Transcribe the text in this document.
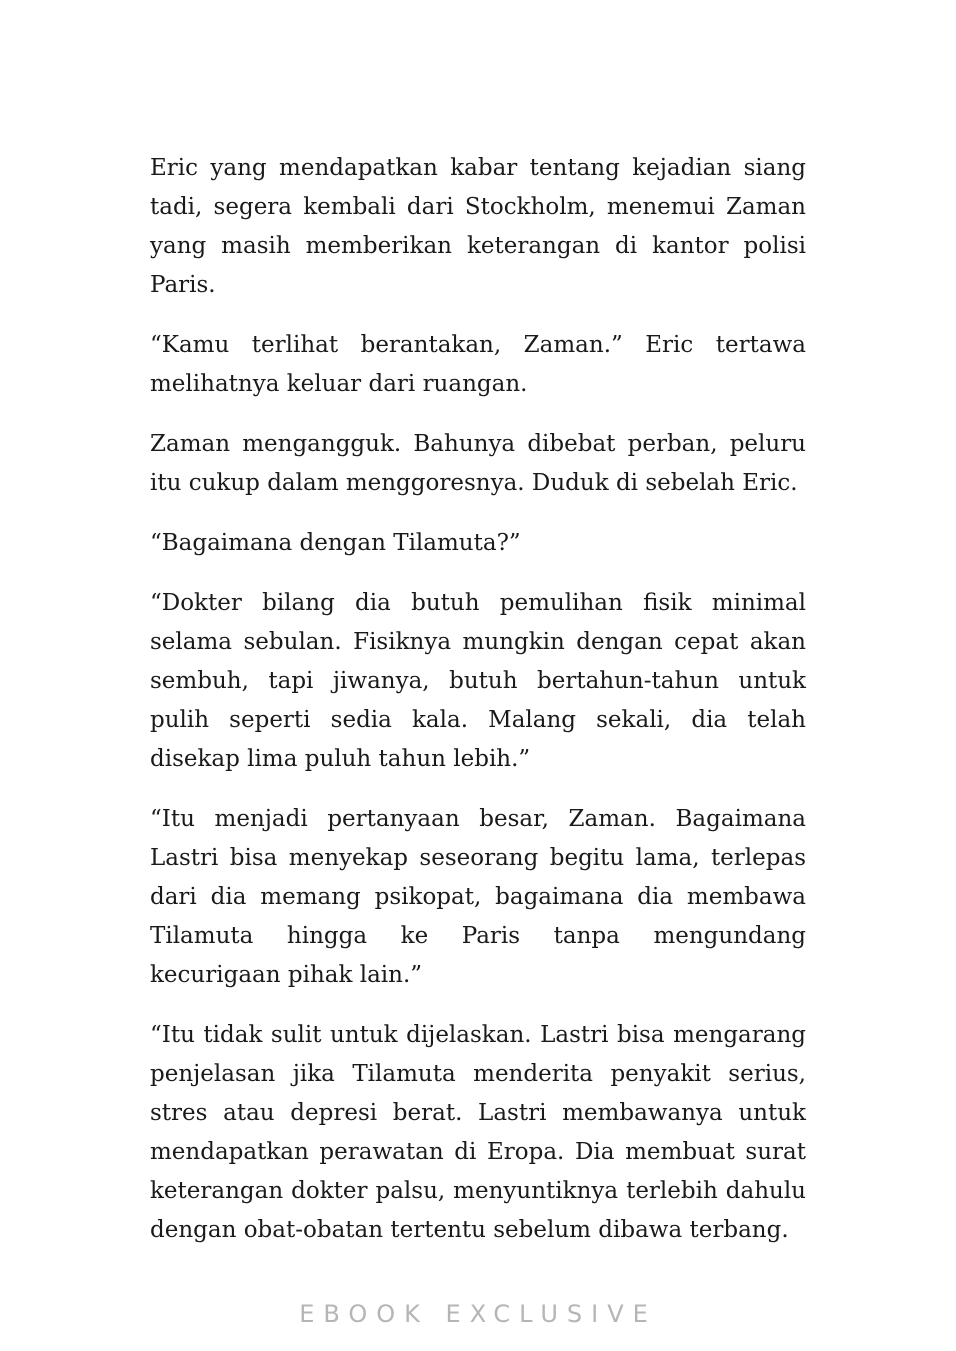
Eric yang mendapatkan kabar tentang kejadian siang tadi, segera kembali dari Stockholm, menemui Zaman yang masih memberikan keterangan di kantor polisi Paris.

“Kamu terlihat berantakan, Zaman.” Eric tertawa melihatnya keluar dari ruangan.

Zaman mengangguk. Bahunya dibebat perban, peluru itu cukup dalam menggoresnya. Duduk di sebelah Eric.

“Bagaimana dengan Tilamuta?”

“Dokter bilang dia butuh pemulihan fisik minimal selama sebulan. Fisiknya mungkin dengan cepat akan sembuh, tapi jiwanya, butuh bertahun-tahun untuk pulih seperti sedia kala. Malang sekali, dia telah disekap lima puluh tahun lebih.”

“Itu menjadi pertanyaan besar, Zaman. Bagaimana Lastri bisa menyekap seseorang begitu lama, terlepas dari dia memang psikopat, bagaimana dia membawa Tilamuta hingga ke Paris tanpa mengundang kecurigaan pihak lain.”

“Itu tidak sulit untuk dijelaskan. Lastri bisa mengarang penjelasan jika Tilamuta menderita penyakit serius, stres atau depresi berat. Lastri membawanya untuk mendapatkan perawatan di Eropa. Dia membuat surat keterangan dokter palsu, menyuntiknya terlebih dahulu dengan obat-obatan tertentu sebelum dibawa terbang.

EBOOK EXCLUSIVE
